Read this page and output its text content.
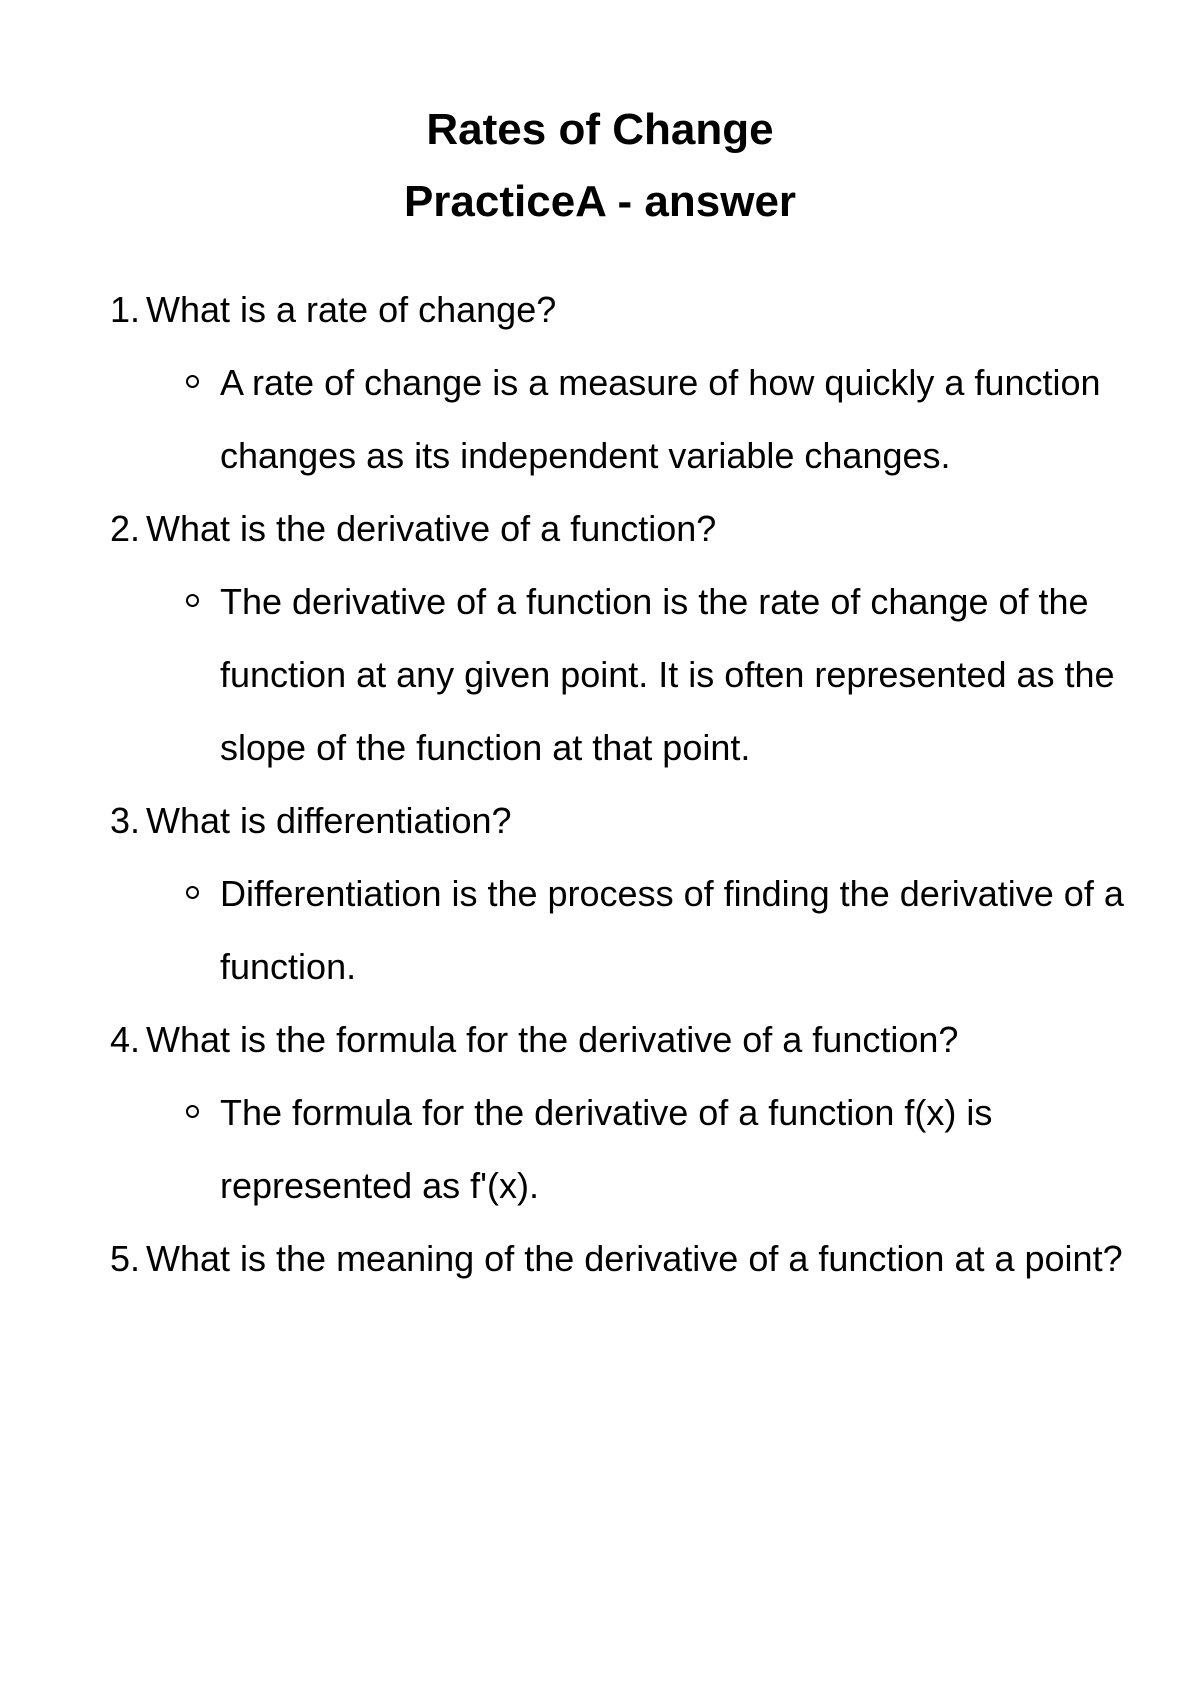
Rates of Change
PracticeA - answer
1. What is a rate of change?
A rate of change is a measure of how quickly a function changes as its independent variable changes.
2. What is the derivative of a function?
The derivative of a function is the rate of change of the function at any given point. It is often represented as the slope of the function at that point.
3. What is differentiation?
Differentiation is the process of finding the derivative of a function.
4. What is the formula for the derivative of a function?
The formula for the derivative of a function f(x) is represented as f'(x).
5. What is the meaning of the derivative of a function at a point?
